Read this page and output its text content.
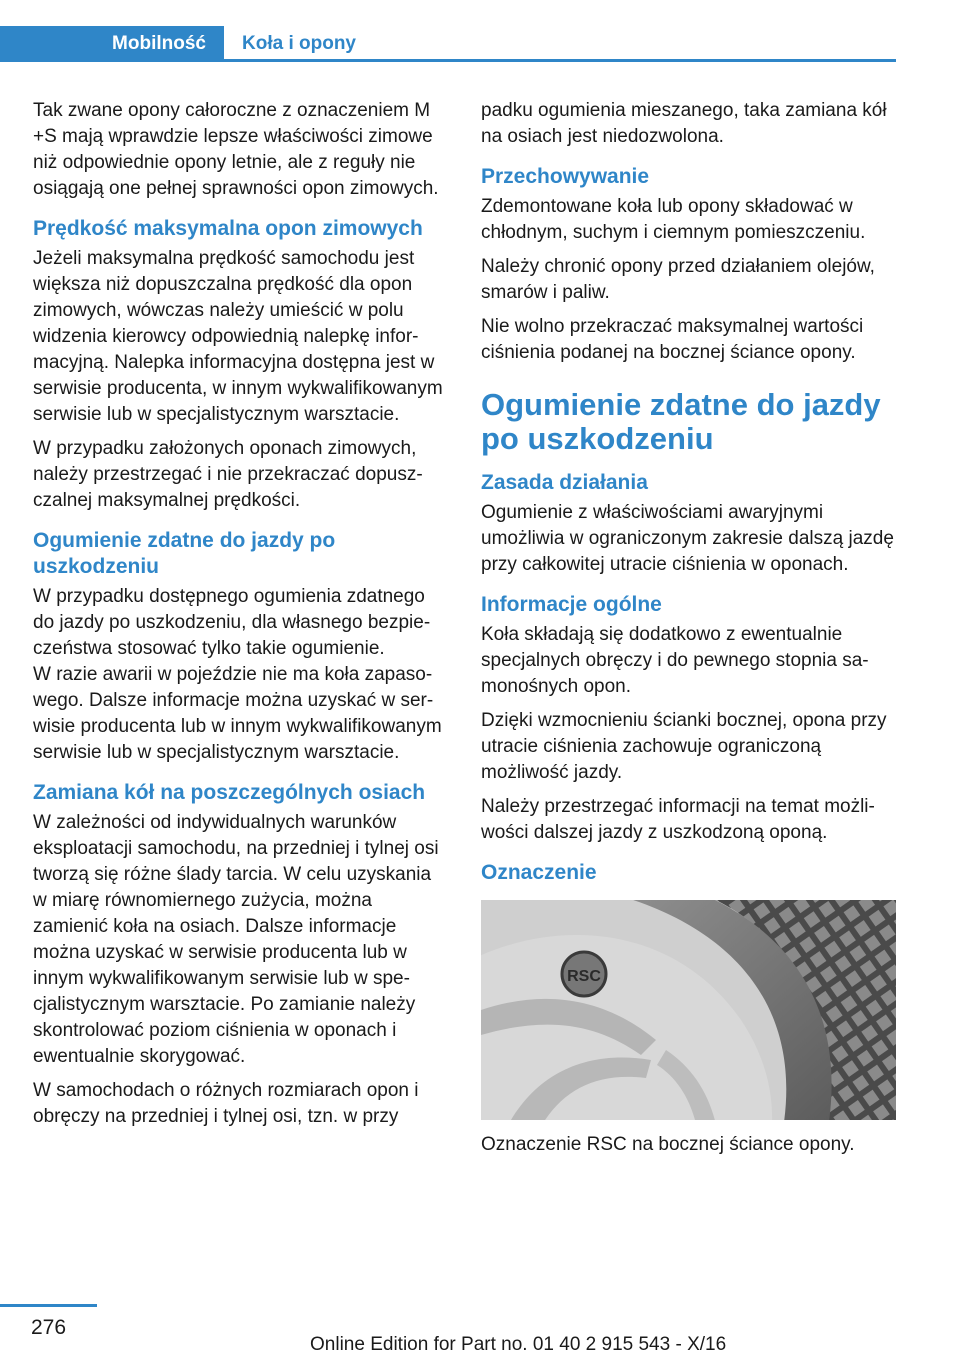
Mobilność Koła i opony

Tak zwane opony całoroczne z oznaczeniem M +S mają wprawdzie lepsze właściwości zimowe niż odpowiednie opony letnie, ale z reguły nie osiągają one pełnej sprawności opon zimowych.

Prędkość maksymalna opon zimowych

Jeżeli maksymalna prędkość samochodu jest większa niż dopuszczalna prędkość dla opon zimowych, wówczas należy umieścić w polu widzenia kierowcy odpowiednią nalepkę informacyjną. Nalepka informacyjna dostępna jest w serwisie producenta, w innym wykwalifikowanym serwisie lub w specjalistycznym warsztacie.

W przypadku założonych oponach zimowych, należy przestrzegać i nie przekraczać dopuszczalnej maksymalnej prędkości.

Ogumienie zdatne do jazdy po uszkodzeniu

W przypadku dostępnego ogumienia zdatnego do jazdy po uszkodzeniu, dla własnego bezpieczeństwa stosować tylko takie ogumienie.

W razie awarii w pojeździe nie ma koła zapasowego. Dalsze informacje można uzyskać w serwisie producenta lub w innym wykwalifikowanym serwisie lub w specjalistycznym warsztacie.

Zamiana kół na poszczególnych osiach

W zależności od indywidualnych warunków eksploatacji samochodu, na przedniej i tylnej osi tworzą się różne ślady tarcia. W celu uzyskania w miarę równomiernego zużycia, można zamienić koła na osiach. Dalsze informacje można uzyskać w serwisie producenta lub w innym wykwalifikowanym serwisie lub w specjalistycznym warsztacie. Po zamianie należy skontrolować poziom ciśnienia w oponach i ewentualnie skorygować.

W samochodach o różnych rozmiarach opon i obręczy na przedniej i tylnej osi, tzn. w przy

padku ogumienia mieszanego, taka zamiana kół na osiach jest niedozwolona.

Przechowywanie

Zdemontowane koła lub opony składować w chłodnym, suchym i ciemnym pomieszczeniu.

Należy chronić opony przed działaniem olejów, smarów i paliw.

Nie wolno przekraczać maksymalnej wartości ciśnienia podanej na bocznej ściance opony.

Ogumienie zdatne do jazdy po uszkodzeniu
Zasada działania

Ogumienie z właściwościami awaryjnymi umożliwia w ograniczonym zakresie dalszą jazdę przy całkowitej utracie ciśnienia w oponach.

Informacje ogólne

Koła składają się dodatkowo z ewentualnie specjalnych obręczy i do pewnego stopnia samonośnych opon.

Dzięki wzmocnieniu ścianki bocznej, opona przy utracie ciśnienia zachowuje ograniczoną możliwość jazdy.

Należy przestrzegać informacji na temat możliwości dalszej jazdy z uszkodzoną oponą.

Oznaczenie
RSC

Oznaczenie RSC na bocznej ściance opony.

276
Online Edition for Part no. 01 40 2 915 543 - X/16
